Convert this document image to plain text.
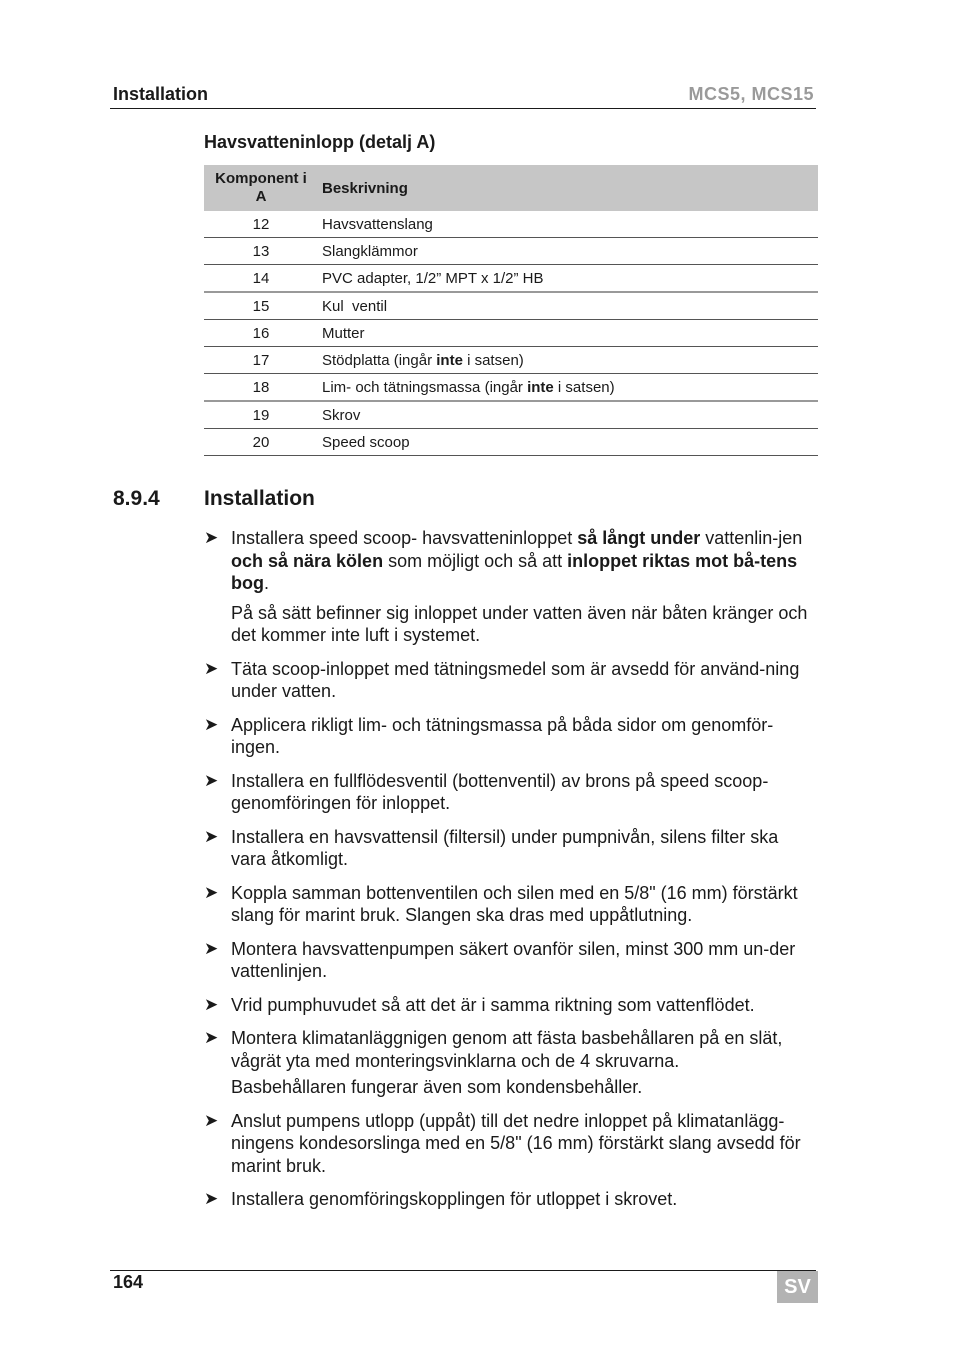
Installation	MCS5, MCS15
Havsvatteninlopp (detalj A)
Komponent i
A	Beskrivning
12	Havsvattenslang
13	Slangklämmor
14	PVC adapter, 1/2” MPT x 1/2” HB
15	Kul  ventil
16	Mutter
17	Stödplatta (ingår inte i satsen)
18	Lim- och tätningsmassa (ingår inte i satsen)
19	Skrov
20	Speed scoop
8.9.4 Installation
➤ Installera speed scoop- havsvatteninloppet så långt under vattenlin-jen och så nära kölen som möjligt och så att inloppet riktas mot bå-tens bog.

På så sätt befinner sig inloppet under vatten även när båten kränger och det kommer inte luft i systemet.

➤ Täta scoop-inloppet med tätningsmedel som är avsedd för använd-ning under vatten.

➤ Applicera rikligt lim- och tätningsmassa på båda sidor om genomför-ingen.

➤ Installera en fullflödesventil (bottenventil) av brons på speed scoop-genomföringen för inloppet.

➤ Installera en havsvattensil (filtersil) under pumpnivån, silens filter ska vara åtkomligt.

➤ Koppla samman bottenventilen och silen med en 5/8" (16 mm) förstärkt slang för marint bruk. Slangen ska dras med uppåtlutning.

➤ Montera havsvattenpumpen säkert ovanför silen, minst 300 mm un-der vattenlinjen.

➤ Vrid pumphuvudet så att det är i samma riktning som vattenflödet.

➤ Montera klimatanläggnigen genom att fästa basbehållaren på en slät, vågrät yta med monteringsvinklarna och de 4 skruvarna.

Basbehållaren fungerar även som kondensbehåller.

➤ Anslut pumpens utlopp (uppåt) till det nedre inloppet på klimatanlägg-ningens kondesorslinga med en 5/8" (16 mm) förstärkt slang avsedd för marint bruk.

➤ Installera genomföringskopplingen för utloppet i skrovet.

164	SV
